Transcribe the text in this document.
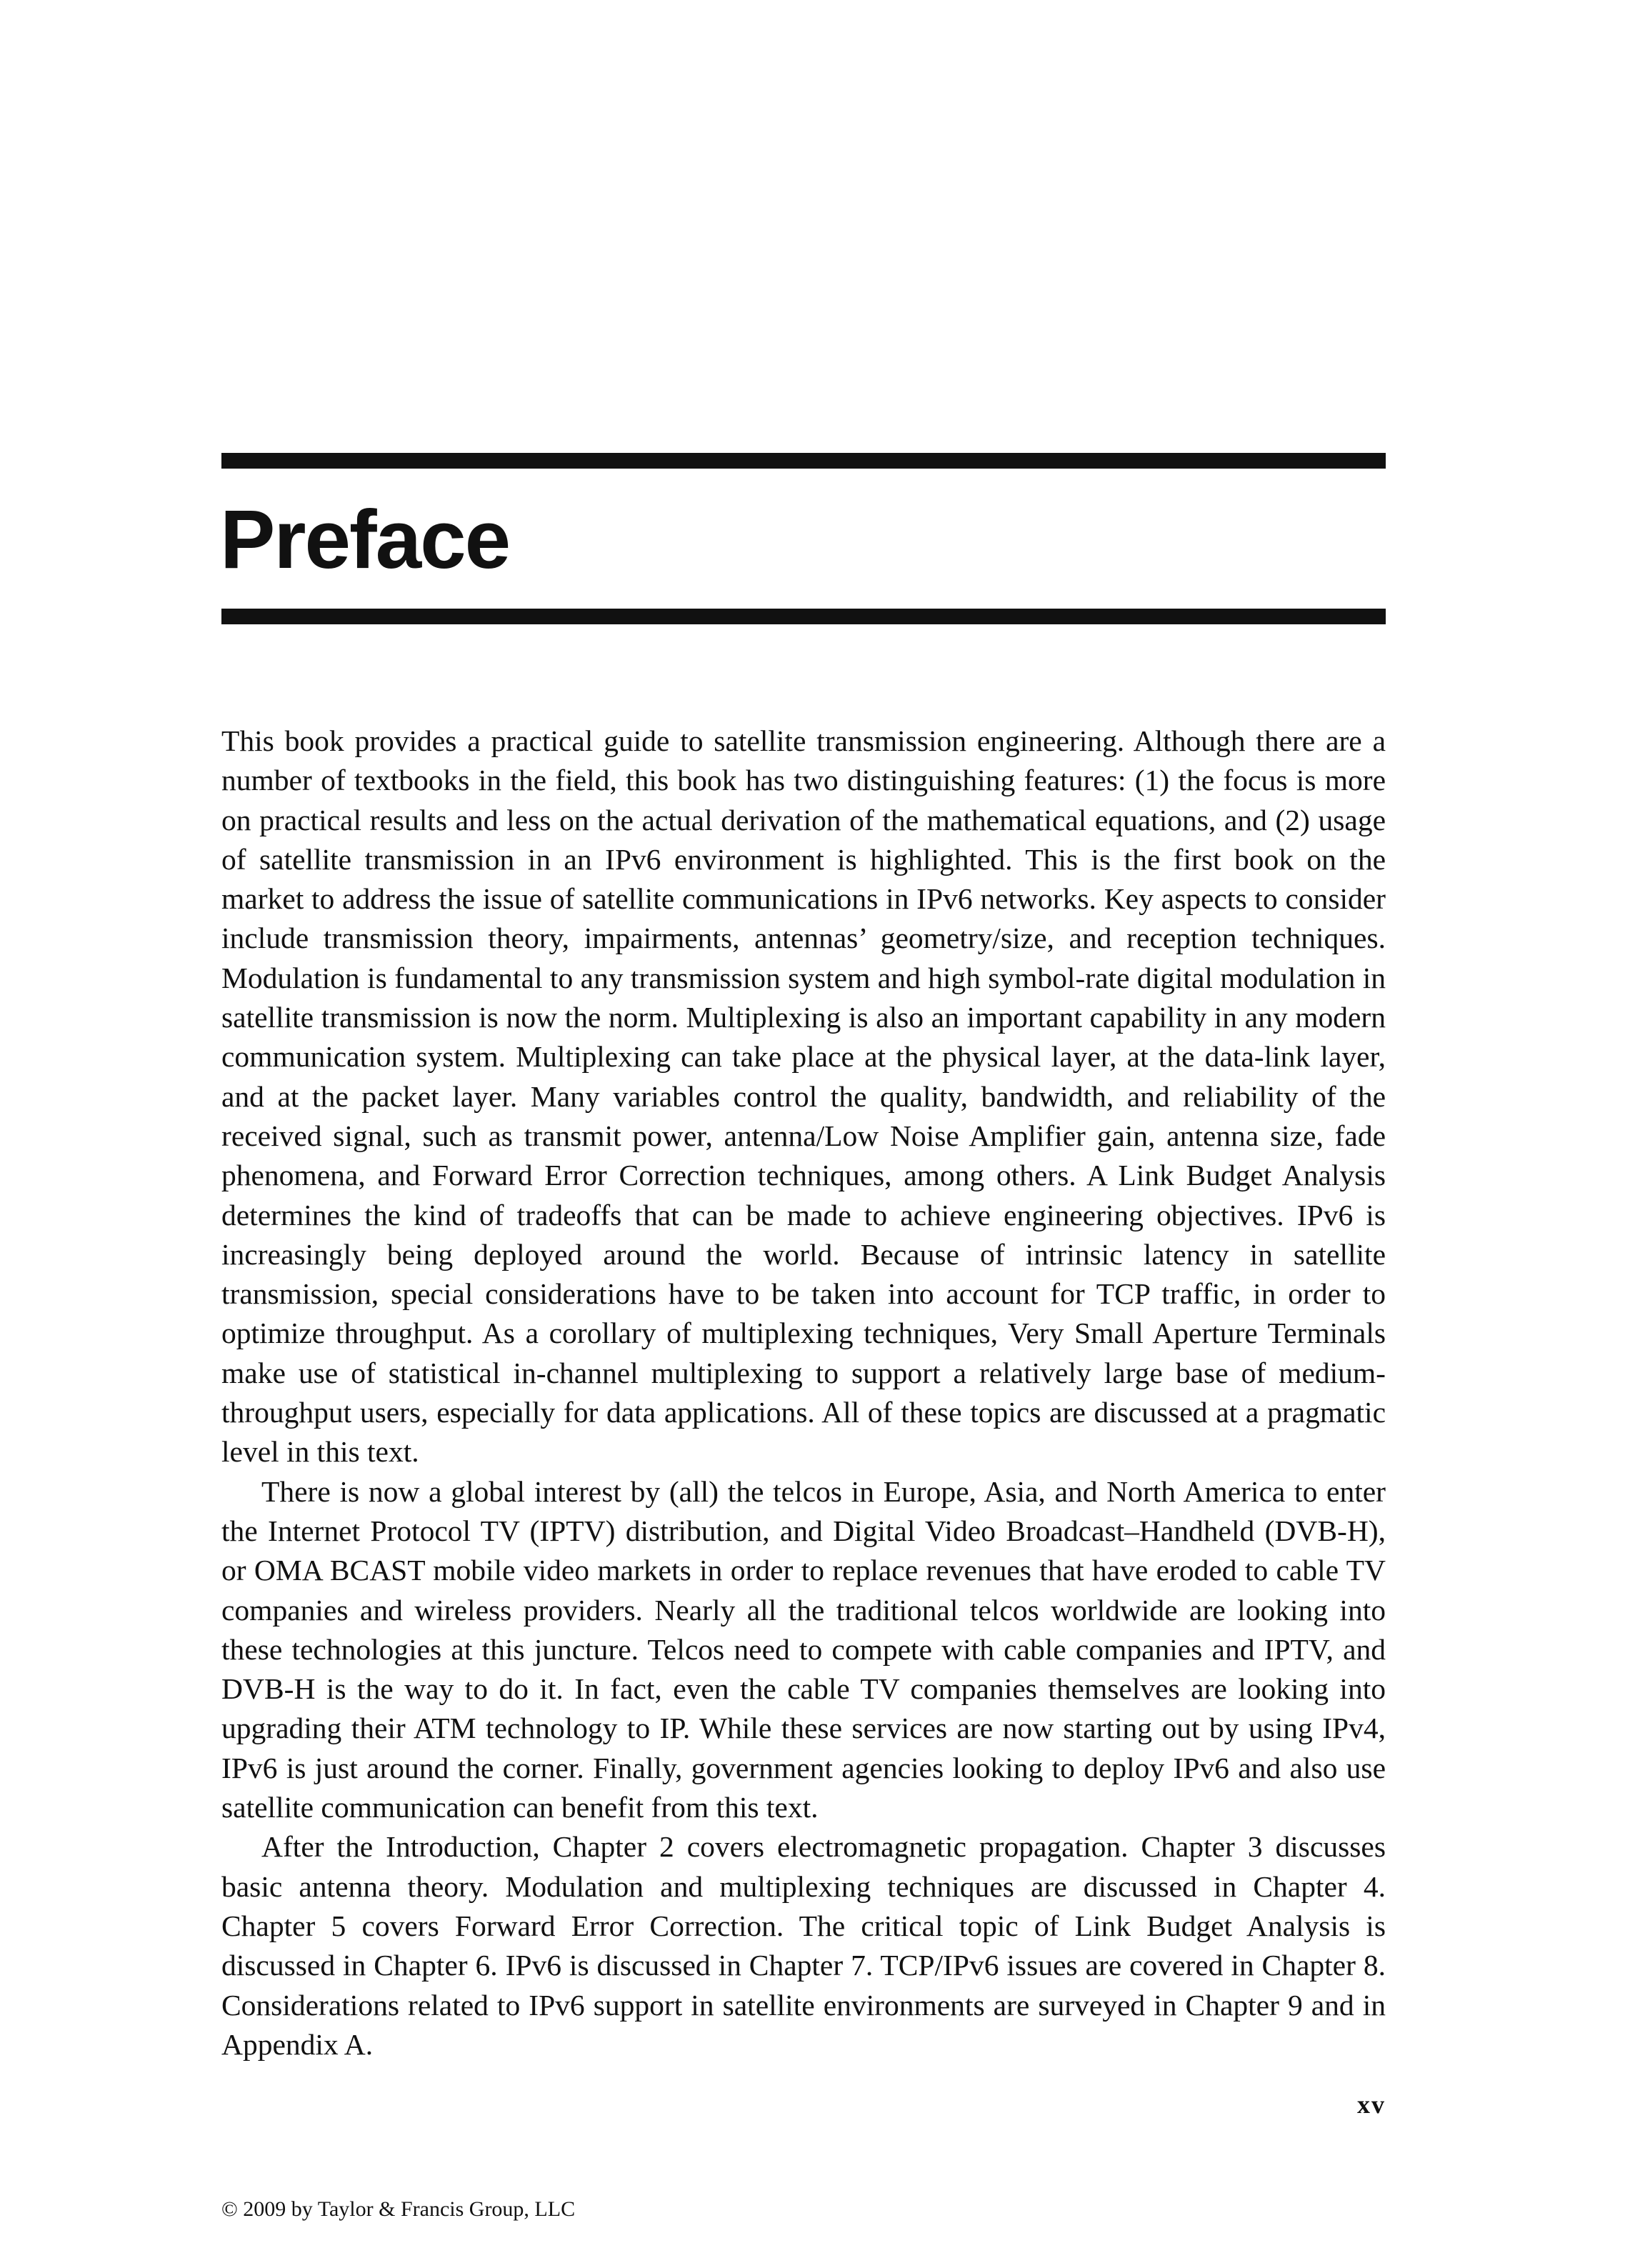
Preface

This book provides a practical guide to satellite transmission engineering. Although there are a number of textbooks in the field, this book has two distinguishing features: (1) the focus is more on practical results and less on the actual derivation of the mathematical equations, and (2) usage of satellite transmission in an IPv6 environment is highlighted. This is the first book on the market to address the issue of satellite communications in IPv6 networks. Key aspects to consider include transmission theory, impairments, antennas’ geometry/size, and reception techniques. Modulation is fundamental to any transmission system and high symbol-rate digital modulation in satellite transmission is now the norm. Multiplexing is also an important capability in any modern communication system. Multiplexing can take place at the physical layer, at the data-link layer, and at the packet layer. Many variables control the quality, bandwidth, and reliability of the received signal, such as transmit power, antenna/Low Noise Amplifier gain, antenna size, fade phenomena, and Forward Error Correction techniques, among others. A Link Budget Analysis determines the kind of tradeoffs that can be made to achieve engineering objectives. IPv6 is increasingly being deployed around the world. Because of intrinsic latency in satellite transmission, special considerations have to be taken into account for TCP traffic, in order to optimize throughput. As a corollary of multiplexing techniques, Very Small Aperture Terminals make use of statistical in-channel multiplexing to support a relatively large base of medium-throughput users, especially for data applications. All of these topics are discussed at a pragmatic level in this text.

There is now a global interest by (all) the telcos in Europe, Asia, and North America to enter the Internet Protocol TV (IPTV) distribution, and Digital Video Broadcast–Handheld (DVB-H), or OMA BCAST mobile video markets in order to replace revenues that have eroded to cable TV companies and wireless providers. Nearly all the traditional telcos worldwide are looking into these technologies at this juncture. Telcos need to compete with cable companies and IPTV, and DVB-H is the way to do it. In fact, even the cable TV companies themselves are looking into upgrading their ATM technology to IP. While these services are now starting out by using IPv4, IPv6 is just around the corner. Finally, government agencies looking to deploy IPv6 and also use satellite communication can benefit from this text.

After the Introduction, Chapter 2 covers electromagnetic propagation. Chapter 3 discusses basic antenna theory. Modulation and multiplexing techniques are discussed in Chapter 4. Chapter 5 covers Forward Error Correction. The critical topic of Link Budget Analysis is discussed in Chapter 6. IPv6 is discussed in Chapter 7. TCP/IPv6 issues are covered in Chapter 8. Considerations related to IPv6 support in satellite environments are surveyed in Chapter 9 and in Appendix A.

xv
© 2009 by Taylor & Francis Group, LLC
